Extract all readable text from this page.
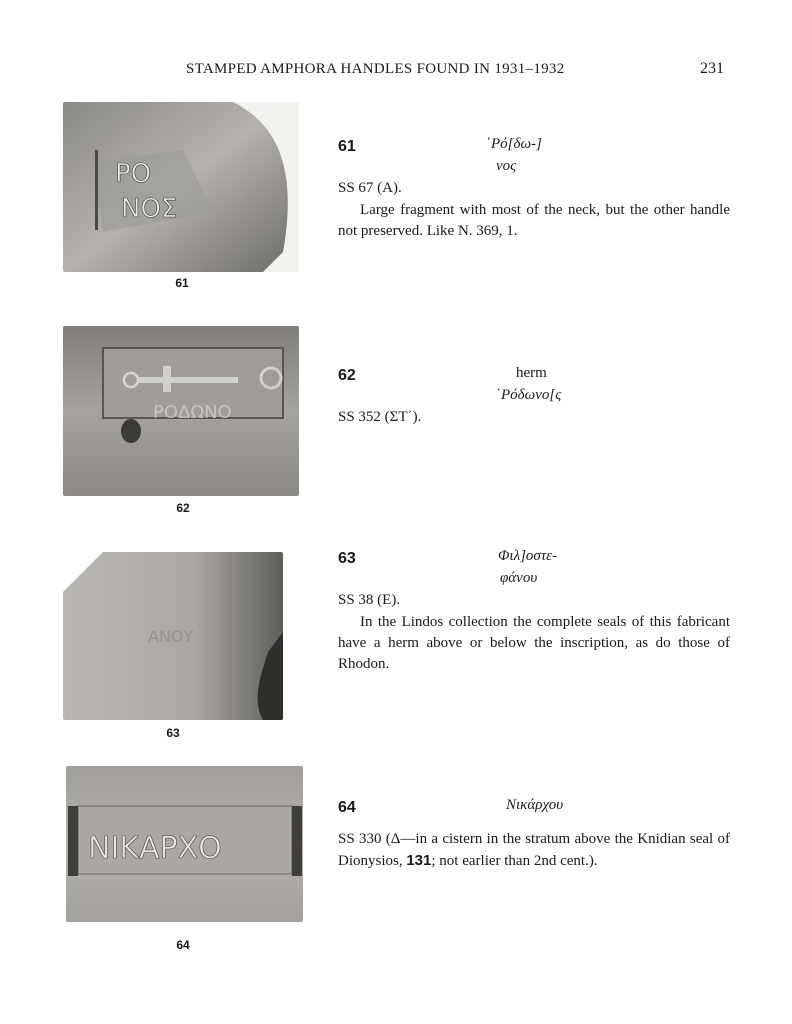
STAMPED AMPHORA HANDLES FOUND IN 1931–1932	231
ΡΟ
ΝΟΣ
61
61	῾Ρό[δω-]
νος
SS 67 (Α).
Large fragment with most of the neck, but the other handle not preserved. Like N. 369, 1.
ΡΟΔΩΝΟ
62
62	herm
῾Ρόδωνο[ς
SS 352 (ΣΤ΄).
ΑΝΟΥ
63
63	Φιλ]οστε-
φάνου
SS 38 (Ε).
In the Lindos collection the complete seals of this fabricant have a herm above or below the inscription, as do those of Rhodon.
ΝΙΚΑΡΧΟ
64
64	Νικάρχου
SS 330 (Δ—in a cistern in the stratum above the Knidian seal of Dionysios, 131; not earlier than 2nd cent.).
